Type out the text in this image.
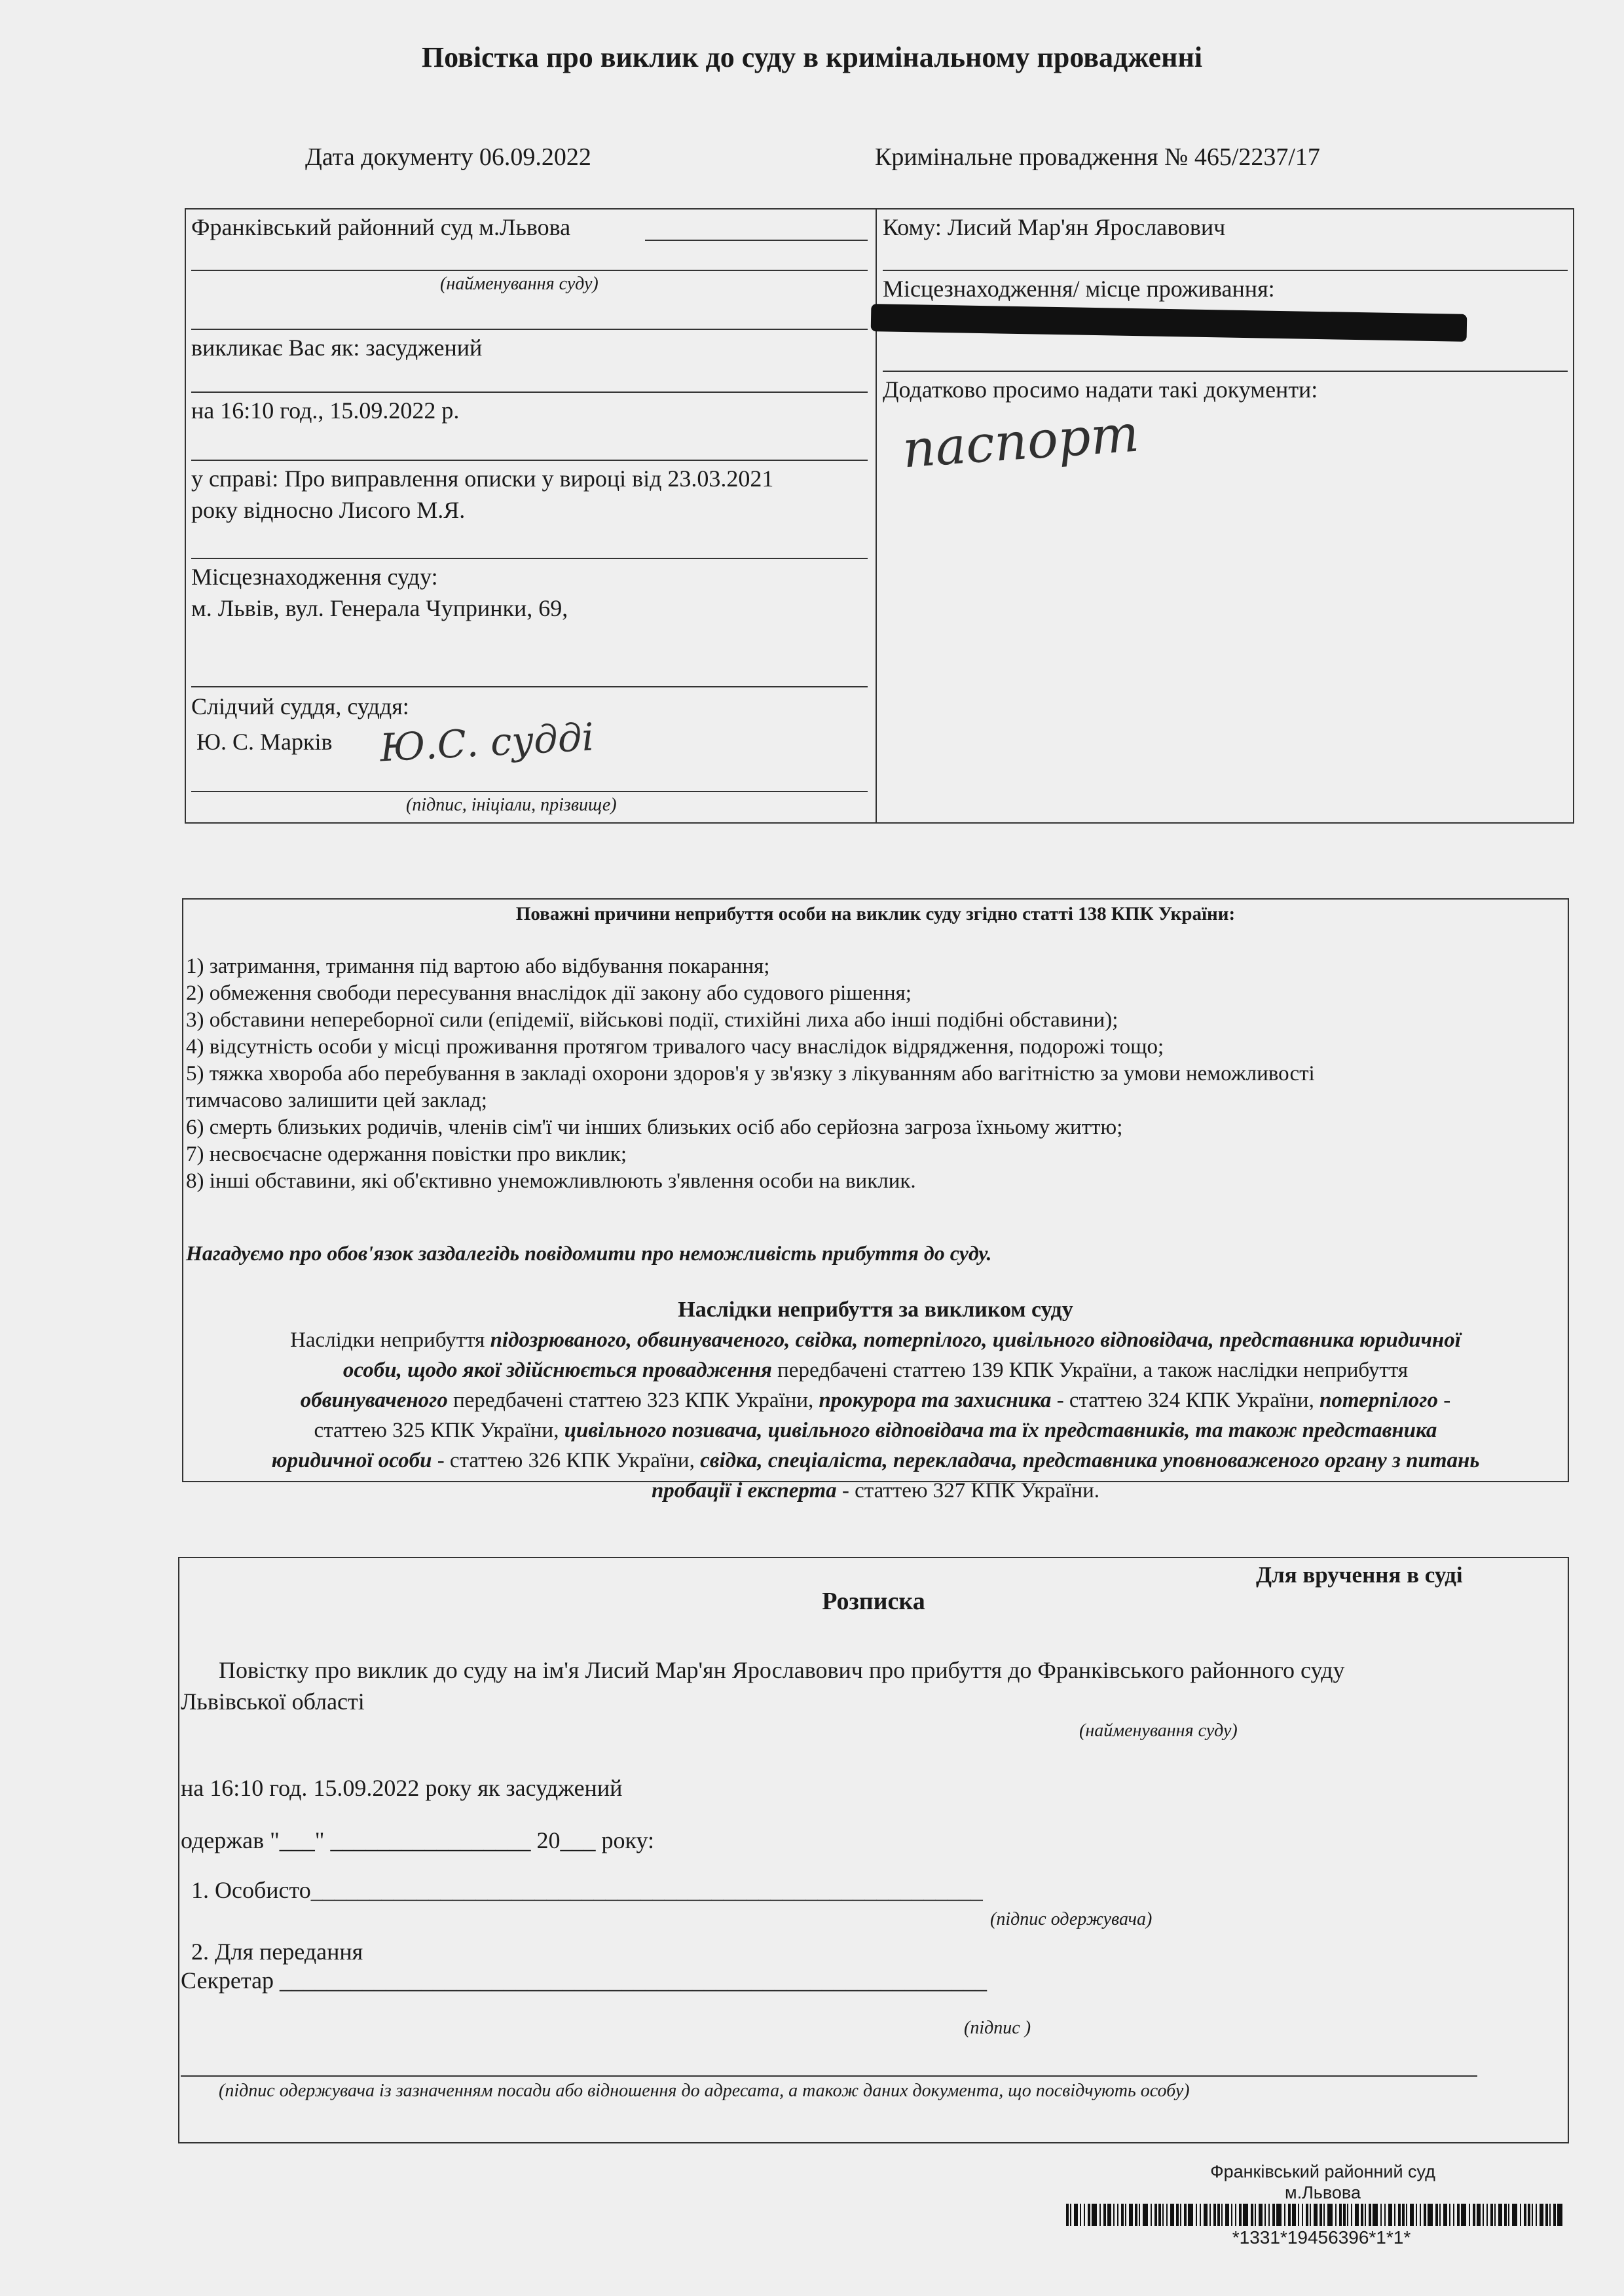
Повістка про виклик до суду в кримінальному провадженні
Дата документу 06.09.2022	Кримінальне провадження № 465/2237/17
Франківський районний суд м.Львова
(найменування суду)
викликає Вас як: засуджений
на 16:10 год., 15.09.2022 р.
у справі: Про виправлення описки у вироці від 23.03.2021
року відносно Лисого М.Я.
Місцезнаходження суду:
м. Львів, вул. Генерала Чупринки, 69,
Слідчий суддя, суддя:
Ю. С. Марків Ю.С. судді
(підпис, ініціали, прізвище)
Кому: Лисий Мар'ян Ярославович
Місцезнаходження/ місце проживання:
Додатково просимо надати такі документи:
паспорт
Поважні причини неприбуття особи на виклик суду згідно статті 138 КПК України:
1) затримання, тримання під вартою або відбування покарання;
2) обмеження свободи пересування внаслідок дії закону або судового рішення;
3) обставини непереборної сили (епідемії, військові події, стихійні лиха або інші подібні обставини);
4) відсутність особи у місці проживання протягом тривалого часу внаслідок відрядження, подорожі тощо;
5) тяжка хвороба або перебування в закладі охорони здоров'я у зв'язку з лікуванням або вагітністю за умови неможливості
тимчасово залишити цей заклад;
6) смерть близьких родичів, членів сім'ї чи інших близьких осіб або серйозна загроза їхньому життю;
7) несвоєчасне одержання повістки про виклик;
8) інші обставини, які об'єктивно унеможливлюють з'явлення особи на виклик.
Нагадуємо про обов'язок заздалегідь повідомити про неможливість прибуття до суду.
Наслідки неприбуття за викликом суду
Наслідки неприбуття підозрюваного, обвинуваченого, свідка, потерпілого, цивільного відповідача, представника юридичної
особи, щодо якої здійснюється провадження передбачені статтею 139 КПК України, а також наслідки неприбуття
обвинуваченого передбачені статтею 323 КПК України, прокурора та захисника - статтею 324 КПК України, потерпілого -
статтею 325 КПК України, цивільного позивача, цивільного відповідача та їх представників, та також представника
юридичної особи - статтею 326 КПК України, свідка, спеціаліста, перекладача, представника уповноваженого органу з питань
пробації і експерта - статтею 327 КПК України.
Для вручення в суді
Розписка
Повістку про виклик до суду на ім'я Лисий Мар'ян Ярославович про прибуття до Франківського районного суду
Львівської області
(найменування суду)
на 16:10 год. 15.09.2022 року як засуджений
одержав "___" _________________ 20___ року:
1. Особисто_________________________________________________________
(підпис одержувача)
2. Для передання
Секретар ____________________________________________________________
(підпис )
(підпис одержувача із зазначенням посади або відношення до адресата, а також даних документа, що посвідчують особу)
Франківський районний суд
м.Львова
*1331*19456396*1*1*
